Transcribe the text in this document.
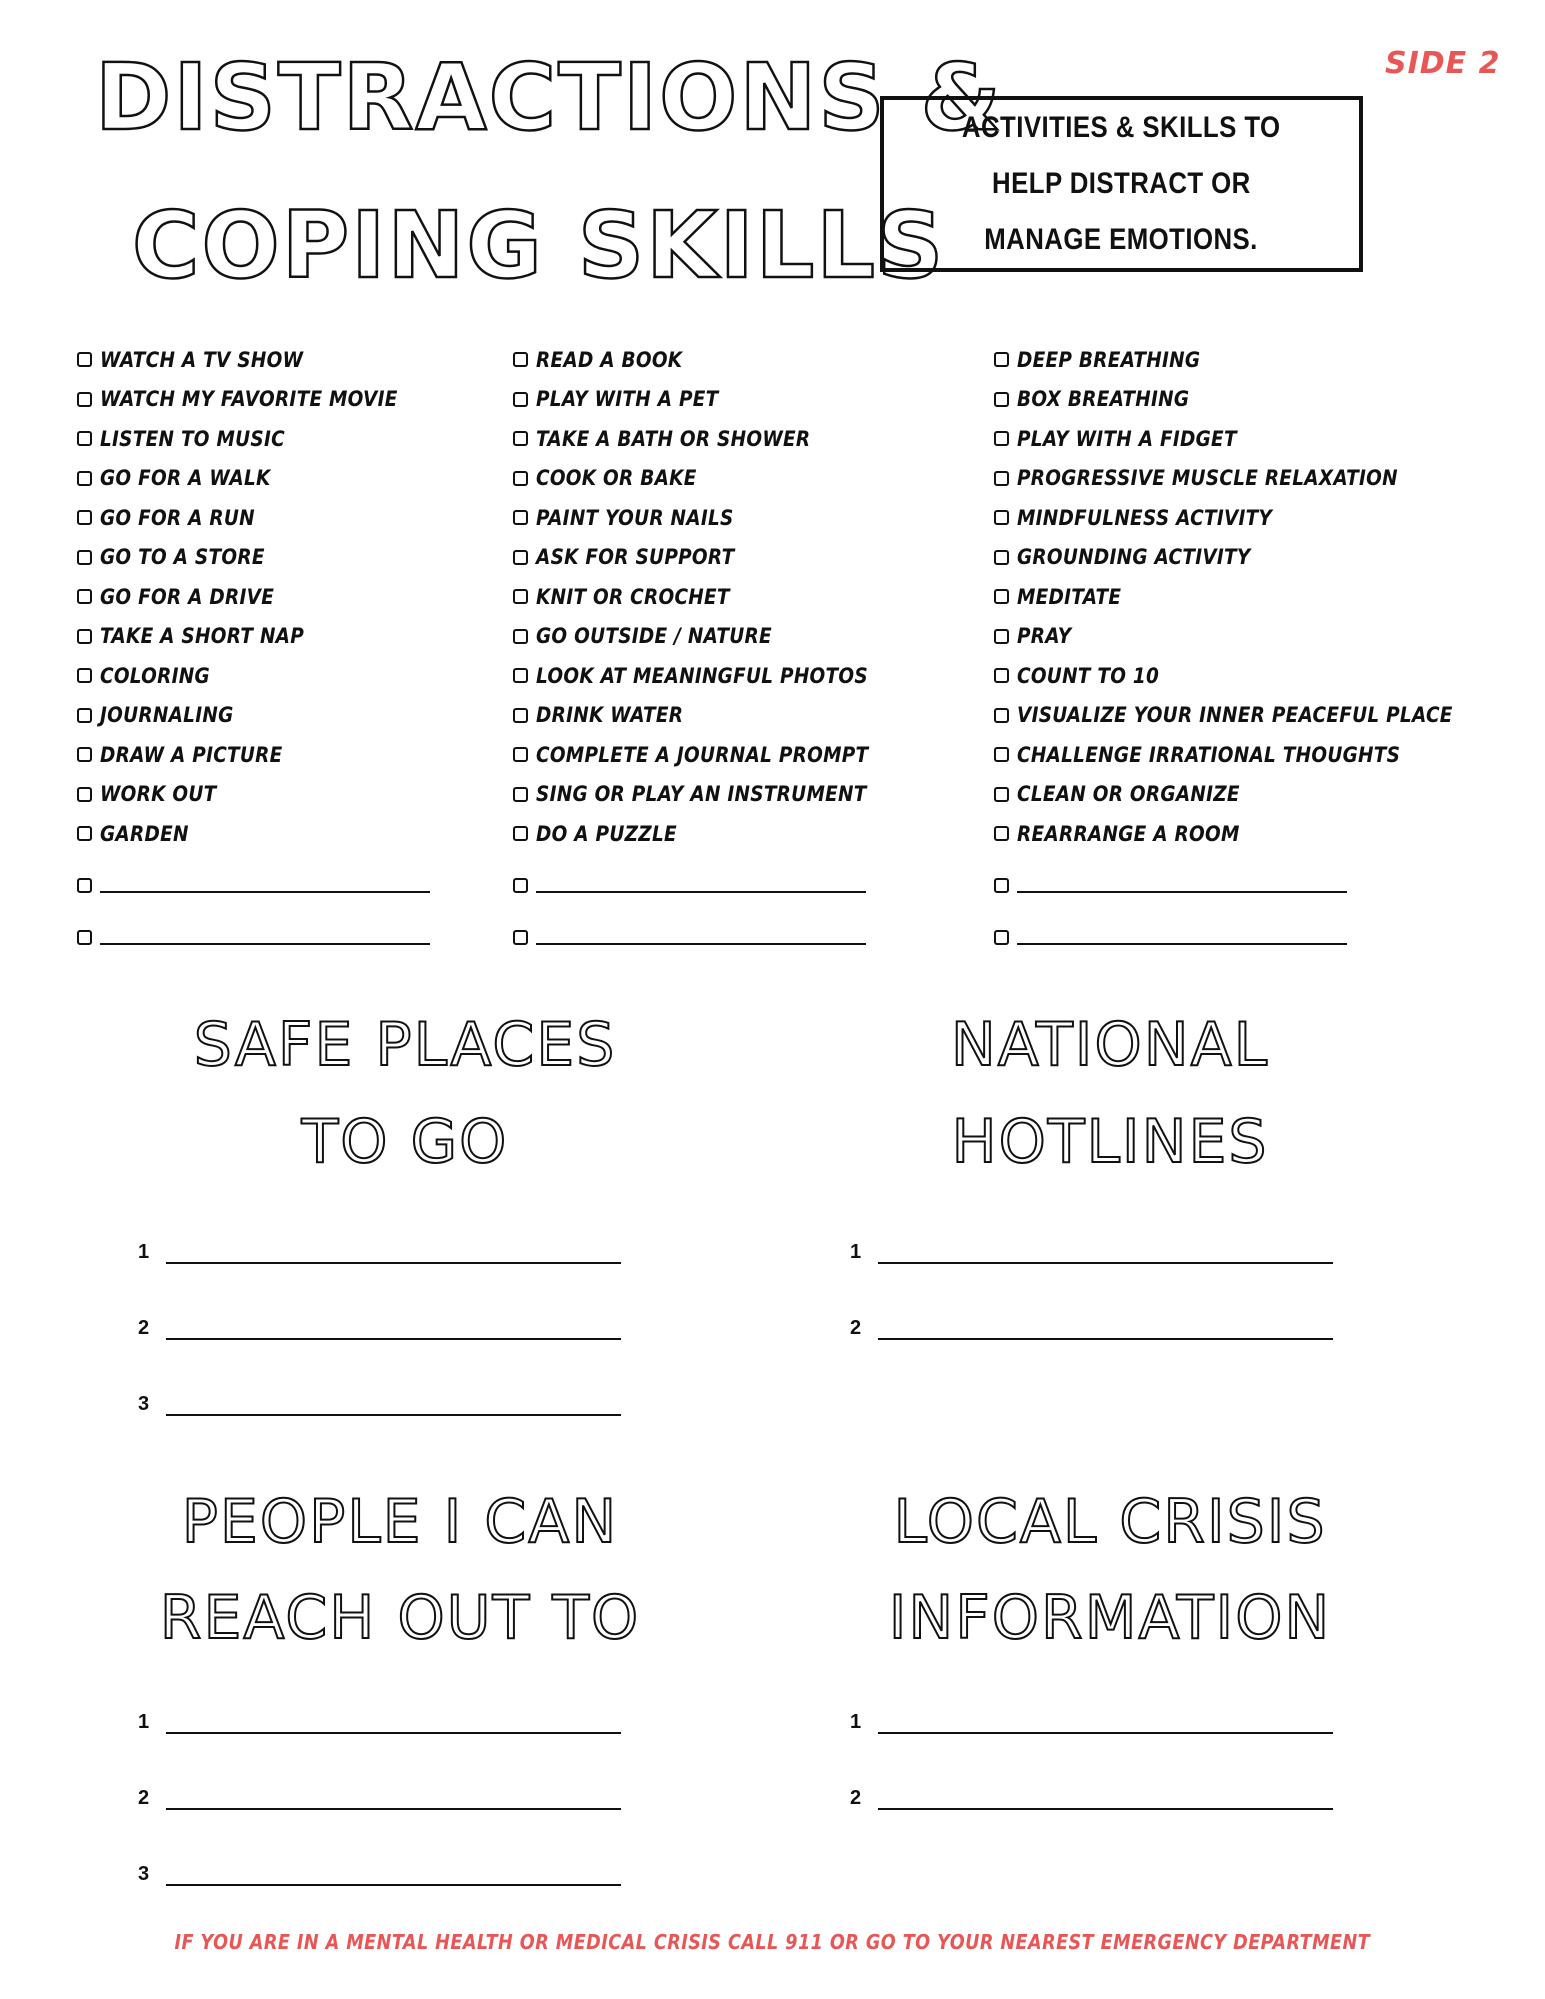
DISTRACTIONS &
COPING SKILLS
SIDE 2
ACTIVITIES & SKILLS TO
HELP DISTRACT OR
MANAGE EMOTIONS.
WATCH A TV SHOW
WATCH MY FAVORITE MOVIE
LISTEN TO MUSIC
GO FOR A WALK
GO FOR A RUN
GO TO A STORE
GO FOR A DRIVE
TAKE A SHORT NAP
COLORING
JOURNALING
DRAW A PICTURE
WORK OUT
GARDEN
READ A BOOK
PLAY WITH A PET
TAKE A BATH OR SHOWER
COOK OR BAKE
PAINT YOUR NAILS
ASK FOR SUPPORT
KNIT OR CROCHET
GO OUTSIDE / NATURE
LOOK AT MEANINGFUL PHOTOS
DRINK WATER
COMPLETE A JOURNAL PROMPT
SING OR PLAY AN INSTRUMENT
DO A PUZZLE
DEEP BREATHING
BOX BREATHING
PLAY WITH A FIDGET
PROGRESSIVE MUSCLE RELAXATION
MINDFULNESS ACTIVITY
GROUNDING ACTIVITY
MEDITATE
PRAY
COUNT TO 10
VISUALIZE YOUR INNER PEACEFUL PLACE
CHALLENGE IRRATIONAL THOUGHTS
CLEAN OR ORGANIZE
REARRANGE A ROOM
SAFE PLACES
TO GO
1
2
3
NATIONAL
HOTLINES
1
2
PEOPLE I CAN
REACH OUT TO
1
2
3
LOCAL CRISIS
INFORMATION
1
2
IF YOU ARE IN A MENTAL HEALTH OR MEDICAL CRISIS CALL 911 OR GO TO YOUR NEAREST EMERGENCY DEPARTMENT
